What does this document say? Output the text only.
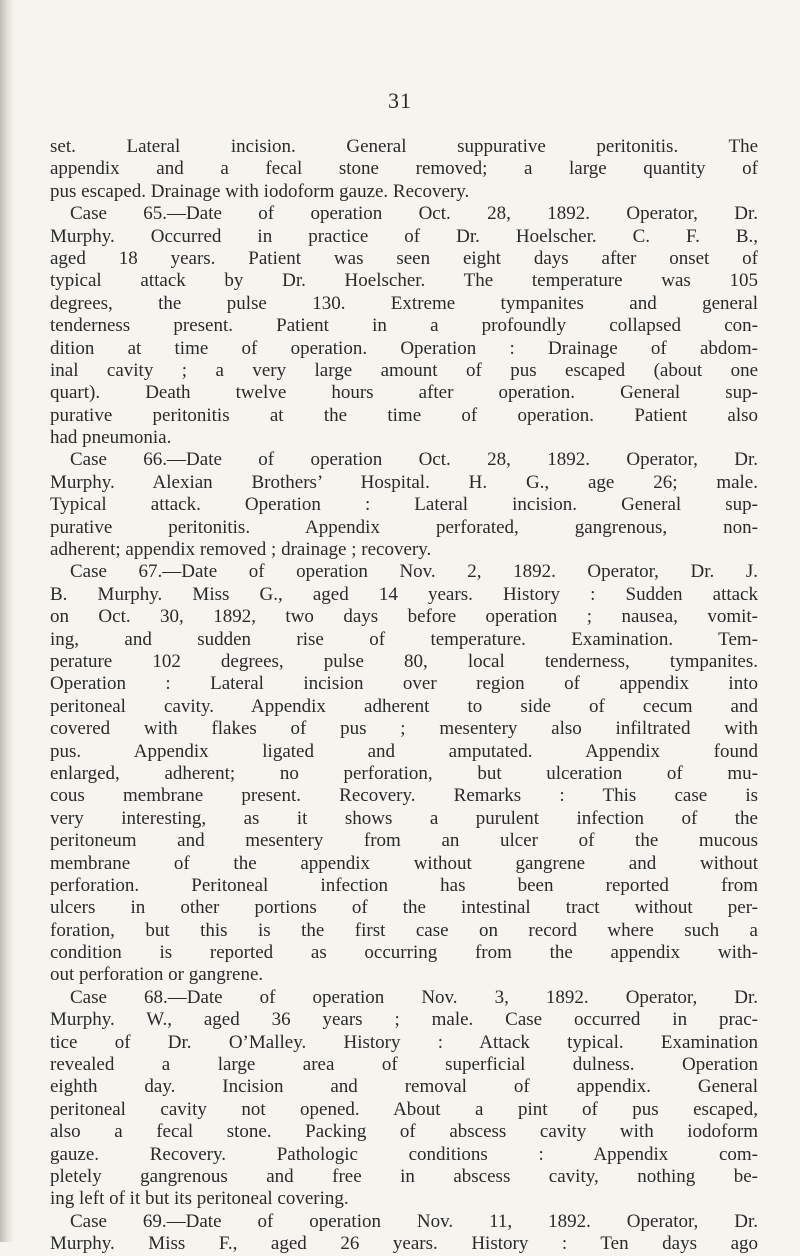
31
set. Lateral incision. General suppurative peritonitis. The
appendix and a fecal stone removed; a large quantity of
pus escaped. Drainage with iodoform gauze. Recovery.
Case 65.—Date of operation Oct. 28, 1892. Operator, Dr.
Murphy. Occurred in practice of Dr. Hoelscher. C. F. B.,
aged 18 years. Patient was seen eight days after onset of
typical attack by Dr. Hoelscher. The temperature was 105
degrees, the pulse 130. Extreme tympanites and general
tenderness present. Patient in a profoundly collapsed con-
dition at time of operation. Operation : Drainage of abdom-
inal cavity ; a very large amount of pus escaped (about one
quart). Death twelve hours after operation. General sup-
purative peritonitis at the time of operation. Patient also
had pneumonia.
Case 66.—Date of operation Oct. 28, 1892. Operator, Dr.
Murphy. Alexian Brothers’ Hospital. H. G., age 26; male.
Typical attack. Operation : Lateral incision. General sup-
purative peritonitis. Appendix perforated, gangrenous, non-
adherent; appendix removed ; drainage ; recovery.
Case 67.—Date of operation Nov. 2, 1892. Operator, Dr. J.
B. Murphy. Miss G., aged 14 years. History : Sudden attack
on Oct. 30, 1892, two days before operation ; nausea, vomit-
ing, and sudden rise of temperature. Examination. Tem-
perature 102 degrees, pulse 80, local tenderness, tympanites.
Operation : Lateral incision over region of appendix into
peritoneal cavity. Appendix adherent to side of cecum and
covered with flakes of pus ; mesentery also infiltrated with
pus. Appendix ligated and amputated. Appendix found
enlarged, adherent; no perforation, but ulceration of mu-
cous membrane present. Recovery. Remarks : This case is
very interesting, as it shows a purulent infection of the
peritoneum and mesentery from an ulcer of the mucous
membrane of the appendix without gangrene and without
perforation. Peritoneal infection has been reported from
ulcers in other portions of the intestinal tract without per-
foration, but this is the first case on record where such a
condition is reported as occurring from the appendix with-
out perforation or gangrene.
Case 68.—Date of operation Nov. 3, 1892. Operator, Dr.
Murphy. W., aged 36 years ; male. Case occurred in prac-
tice of Dr. O’Malley. History : Attack typical. Examination
revealed a large area of superficial dulness. Operation
eighth day. Incision and removal of appendix. General
peritoneal cavity not opened. About a pint of pus escaped,
also a fecal stone. Packing of abscess cavity with iodoform
gauze. Recovery. Pathologic conditions : Appendix com-
pletely gangrenous and free in abscess cavity, nothing be-
ing left of it but its peritoneal covering.
Case 69.—Date of operation Nov. 11, 1892. Operator, Dr.
Murphy. Miss F., aged 26 years. History : Ten days ago
